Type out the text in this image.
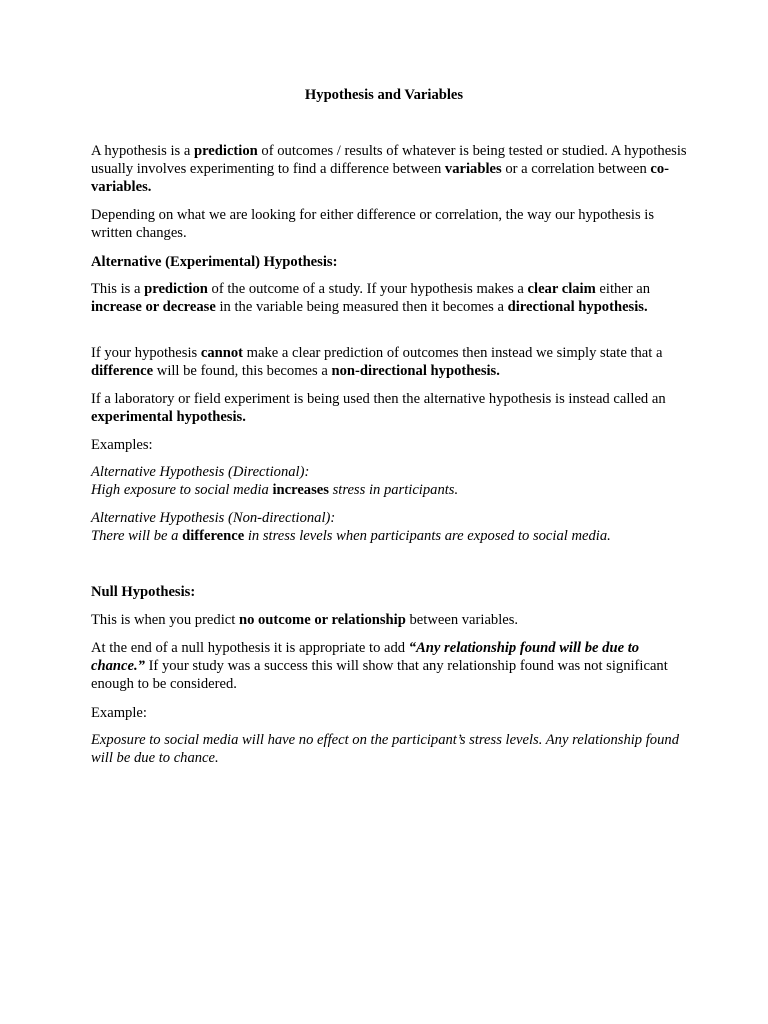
Hypothesis and Variables

A hypothesis is a prediction of outcomes / results of whatever is being tested or studied. A hypothesis usually involves experimenting to find a difference between variables or a correlation between co-variables.

Depending on what we are looking for either difference or correlation, the way our hypothesis is written changes.

Alternative (Experimental) Hypothesis:

This is a prediction of the outcome of a study. If your hypothesis makes a clear claim either an increase or decrease in the variable being measured then it becomes a directional hypothesis.

If your hypothesis cannot make a clear prediction of outcomes then instead we simply state that a difference will be found, this becomes a non-directional hypothesis.

If a laboratory or field experiment is being used then the alternative hypothesis is instead called an experimental hypothesis.

Examples:

Alternative Hypothesis (Directional):
High exposure to social media increases stress in participants.

Alternative Hypothesis (Non-directional):
There will be a difference in stress levels when participants are exposed to social media.

Null Hypothesis:

This is when you predict no outcome or relationship between variables.

At the end of a null hypothesis it is appropriate to add “Any relationship found will be due to chance.” If your study was a success this will show that any relationship found was not significant enough to be considered.

Example:

Exposure to social media will have no effect on the participant’s stress levels. Any relationship found will be due to chance.
